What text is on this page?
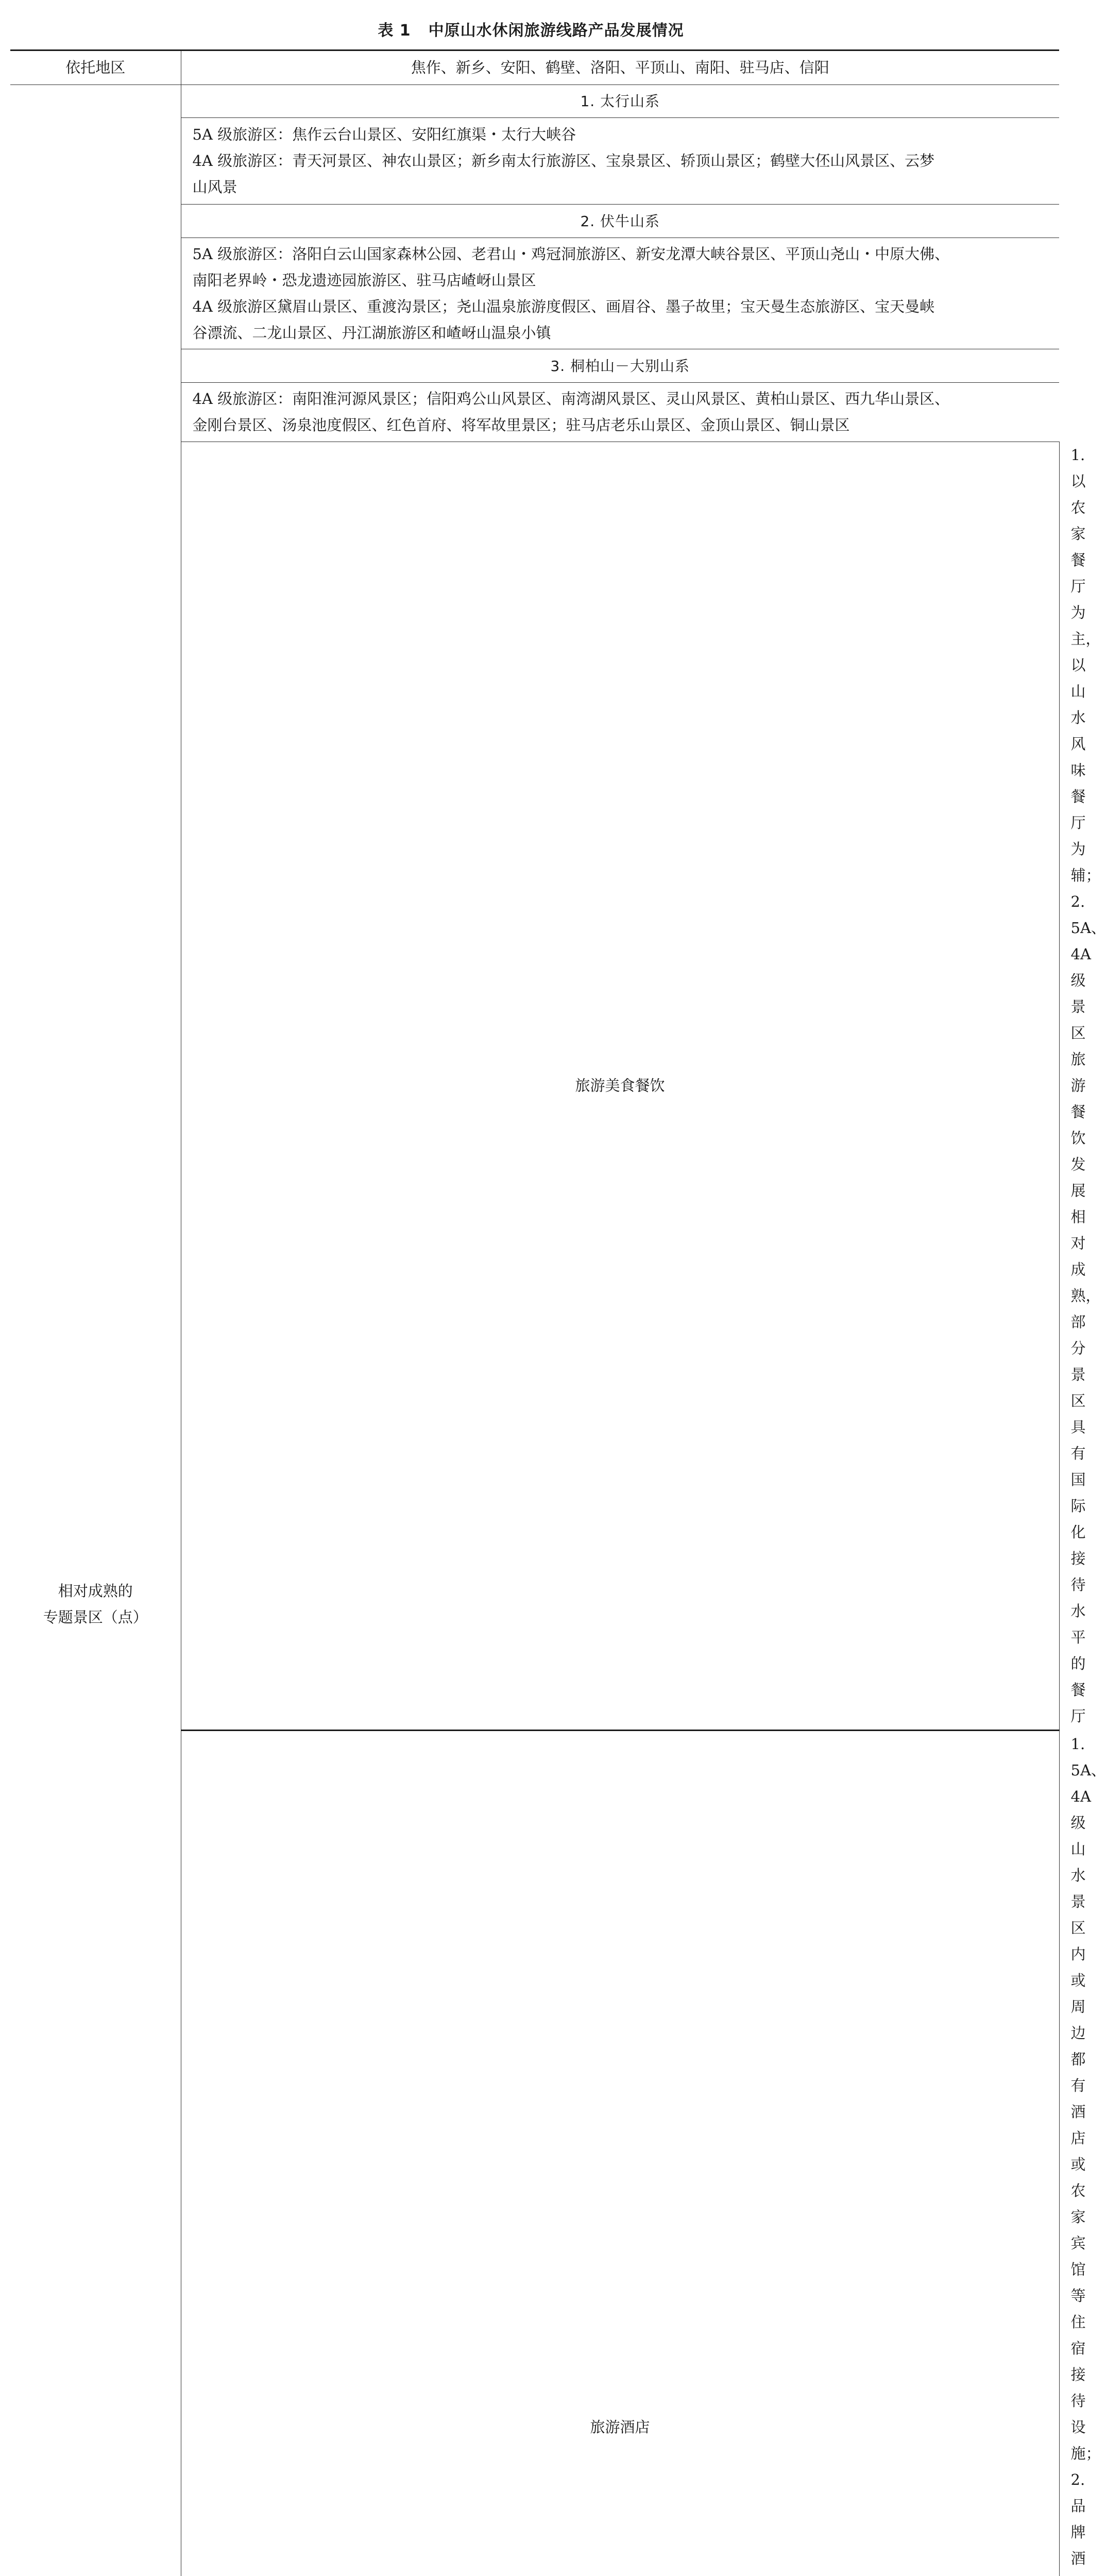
表 1 中原山水休闲旅游线路产品发展情况
依托地区	焦作、新乡、安阳、鹤壁、洛阳、平顶山、南阳、驻马店、信阳	

相对成熟的
专题景区（点）	1. 太行山系	

	5A 级旅游区：焦作云台山景区、安阳红旗渠・太行大峡谷
4A 级旅游区：青天河景区、神农山景区；新乡南太行旅游区、宝泉景区、轿顶山景区；鹤壁大伾山风景区、云梦
山风景	

	2. 伏牛山系	

	5A 级旅游区：洛阳白云山国家森林公园、老君山・鸡冠洞旅游区、新安龙潭大峡谷景区、平顶山尧山・中原大佛、
南阳老界岭・恐龙遗迹园旅游区、驻马店嵖岈山景区
4A 级旅游区黛眉山景区、重渡沟景区；尧山温泉旅游度假区、画眉谷、墨子故里；宝天曼生态旅游区、宝天曼峡
谷漂流、二龙山景区、丹江湖旅游区和嵖岈山温泉小镇	

	3. 桐柏山－大别山系	

	4A 级旅游区：南阳淮河源风景区；信阳鸡公山风景区、南湾湖风景区、灵山风景区、黄柏山景区、西九华山景区、
金刚台景区、汤泉池度假区、红色首府、将军故里景区；驻马店老乐山景区、金顶山景区、铜山景区	

	旅游美食餐饮	1. 以农家餐厅为主，以山水风味餐厅为辅；
2. 5A、4A 级景区旅游餐饮发展相对成熟，部分景区具有国际化接待水平的餐厅

	旅游酒店	1. 5A、4A 级山水景区内或周边都有酒店或农家宾馆等住宿接待设施；
2. 品牌酒
